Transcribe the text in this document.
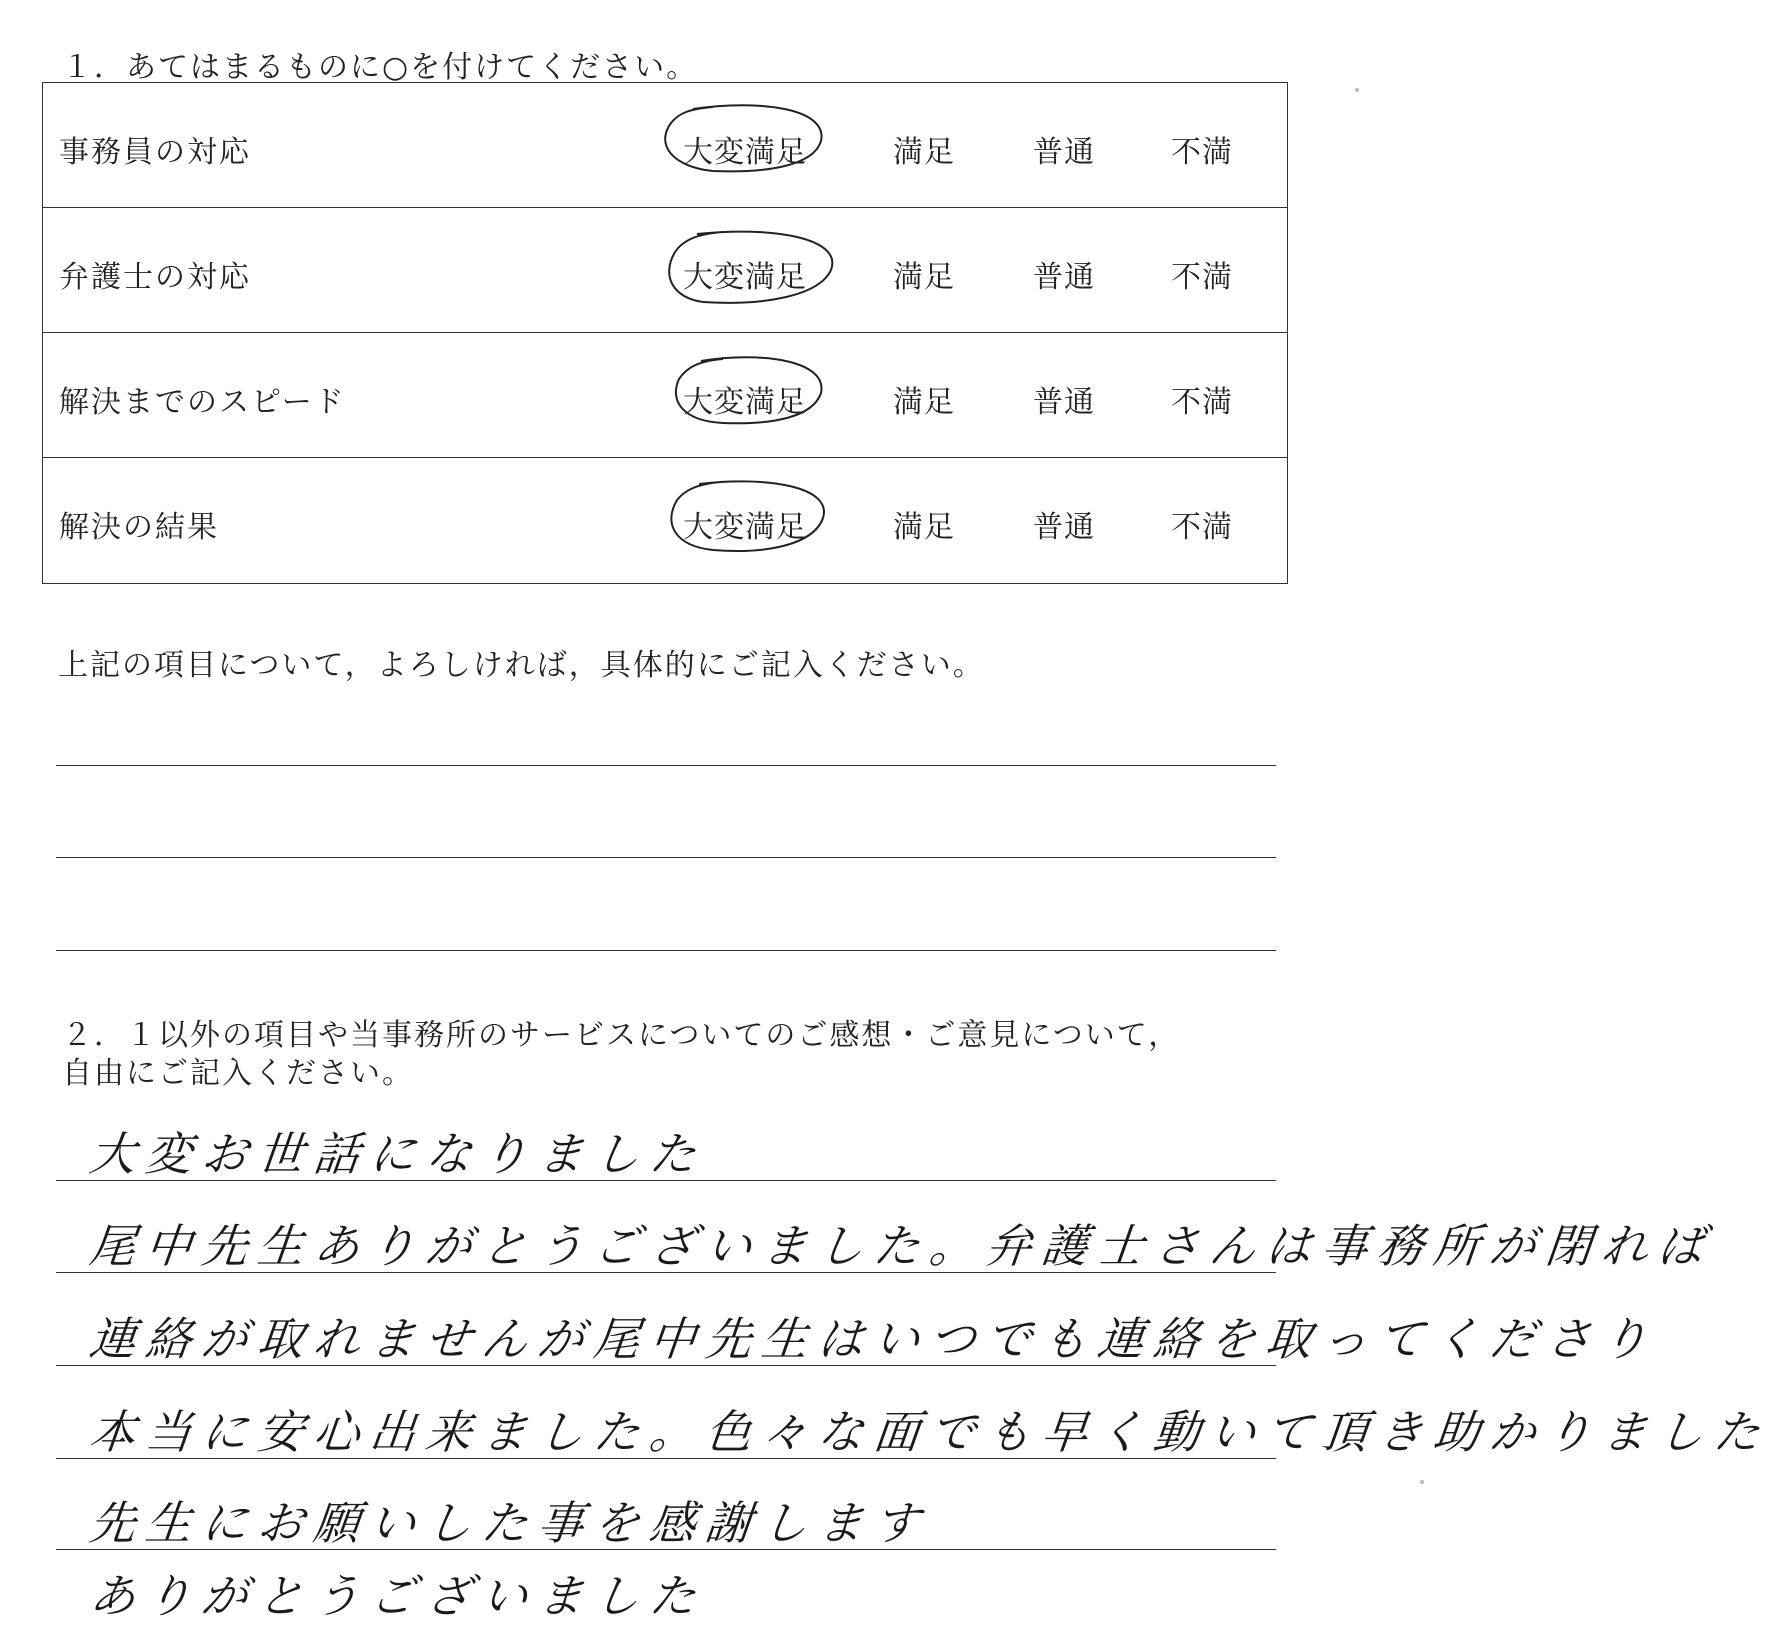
１．あてはまるものに○を付けてください。
事務員の対応	大変満足	満足	普通	不満
弁護士の対応	大変満足	満足	普通	不満
解決までのスピード	大変満足	満足	普通	不満
解決の結果	大変満足	満足	普通	不満
上記の項目について，よろしければ，具体的にご記入ください。
２．１以外の項目や当事務所のサービスについてのご感想・ご意見について，
自由にご記入ください。
大変お世話になりました
尾中先生ありがとうございました。弁護士さんは事務所が閉れば
連絡が取れませんが尾中先生はいつでも連絡を取ってくださり
本当に安心出来ました。色々な面でも早く動いて頂き助かりました
先生にお願いした事を感謝します
ありがとうございました
